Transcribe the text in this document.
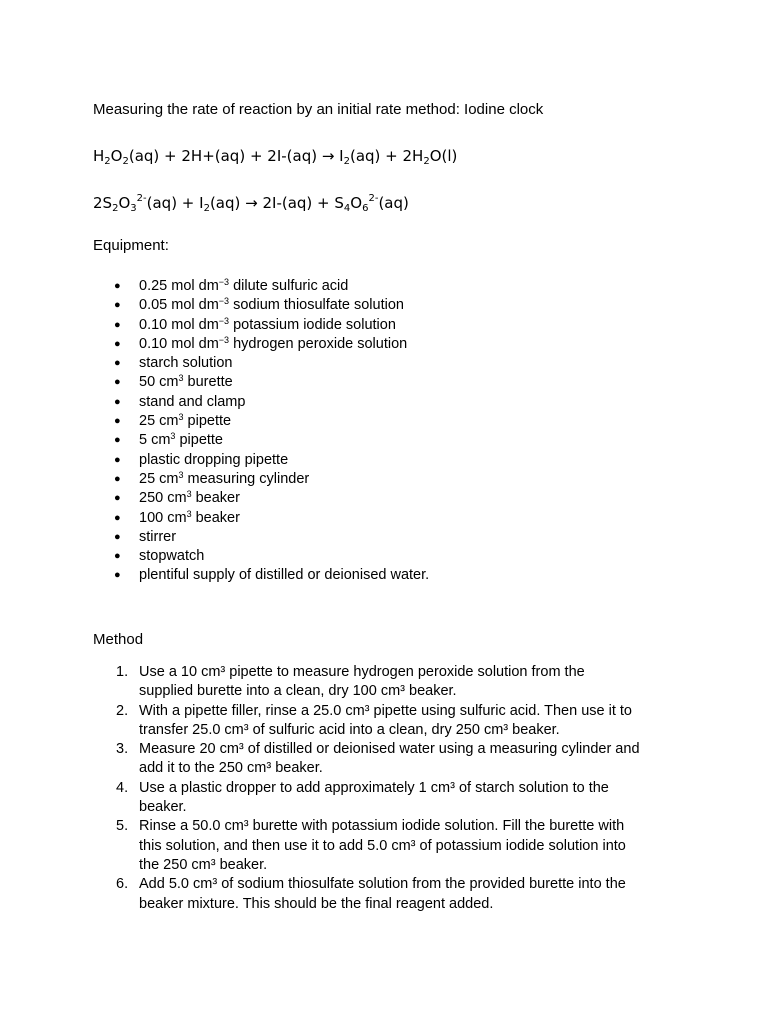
Measuring the rate of reaction by an initial rate method: Iodine clock
$H_2O_2(aq) + 2H+(aq) + 2I-(aq) \to I_2(aq) + 2H_2O(l)$
$2S_2O_3^{2-}(aq) + I_2(aq) \to 2I-(aq) + S_4O_6^{2-}(aq)$
Equipment:
● 0.25 mol $dm^{-3}$ dilute sulfuric acid
● 0.05 mol $dm^{-3}$ sodium thiosulfate solution
● 0.10 mol $dm^{-3}$ potassium iodide solution
● 0.10 mol $dm^{-3}$ hydrogen peroxide solution
● starch solution
● 50 $cm^3$ burette
● stand and clamp
● 25 $cm^3$ pipette
● 5 $cm^3$ pipette
● plastic dropping pipette
● 25 $cm^3$ measuring cylinder
● 250 $cm^3$ beaker
● 100 $cm^3$ beaker
● stirrer
● stopwatch
● plentiful supply of distilled or deionised water.
Method
1. Use a 10 cm³ pipette to measure hydrogen peroxide solution from the
supplied burette into a clean, dry 100 cm³ beaker.
2. With a pipette filler, rinse a 25.0 cm³ pipette using sulfuric acid. Then use it to
transfer 25.0 cm³ of sulfuric acid into a clean, dry 250 cm³ beaker.
3. Measure 20 cm³ of distilled or deionised water using a measuring cylinder and
add it to the 250 cm³ beaker.
4. Use a plastic dropper to add approximately 1 cm³ of starch solution to the
beaker.
5. Rinse a 50.0 cm³ burette with potassium iodide solution. Fill the burette with
this solution, and then use it to add 5.0 cm³ of potassium iodide solution into
the 250 cm³ beaker.
6. Add 5.0 cm³ of sodium thiosulfate solution from the provided burette into the
beaker mixture. This should be the final reagent added.
